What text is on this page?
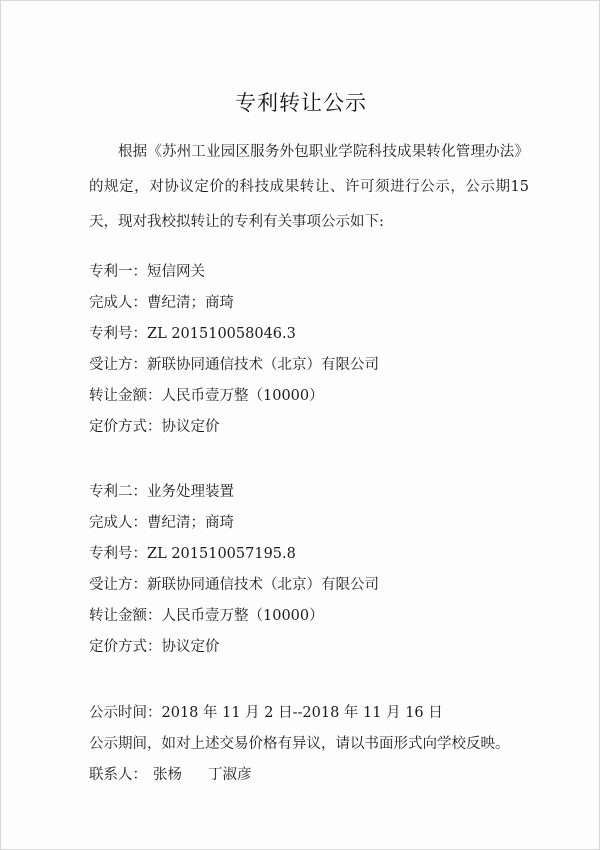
专利转让公示
根据《苏州工业园区服务外包职业学院科技成果转化管理办法》的规定，对协议定价的科技成果转让、许可须进行公示，公示期15天，现对我校拟转让的专利有关事项公示如下:
专利一：短信网关
完成人：曹纪清；商琦
专利号：ZL 201510058046.3
受让方：新联协同通信技术（北京）有限公司
转让金额：人民币壹万整（10000）
定价方式：协议定价
专利二：业务处理装置
完成人：曹纪清；商琦
专利号：ZL 201510057195.8
受让方：新联协同通信技术（北京）有限公司
转让金额：人民币壹万整（10000）
定价方式：协议定价
公示时间：2018 年 11 月 2 日--2018 年 11 月 16 日
公示期间，如对上述交易价格有异议，请以书面形式向学校反映。
联系人： 张杨 丁淑彦
